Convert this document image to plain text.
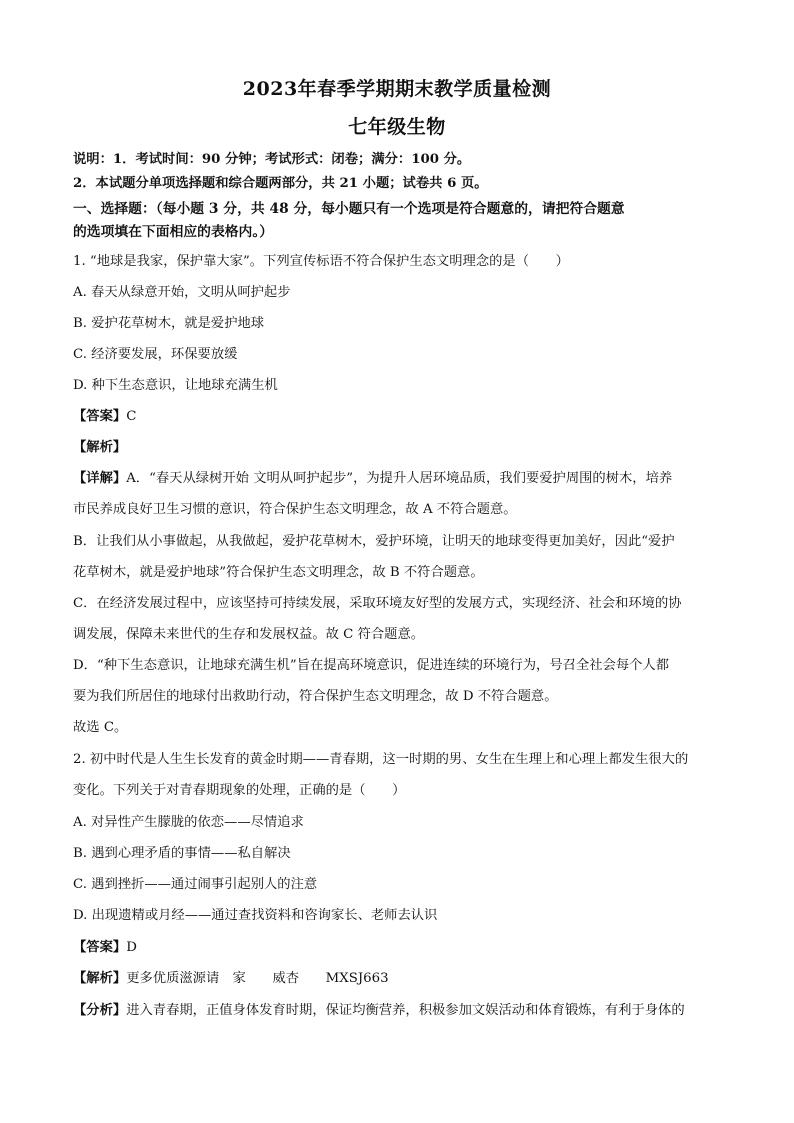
2023年春季学期期末教学质量检测
七年级生物
说明：1．考试时间：90 分钟；考试形式：闭卷；满分：100 分。
2．本试题分单项选择题和综合题两部分，共 21 小题；试卷共 6 页。
一、选择题：（每小题 3 分，共 48 分，每小题只有一个选项是符合题意的，请把符合题意
的选项填在下面相应的表格内。）
1. “地球是我家，保护靠大家”。下列宣传标语不符合保护生态文明理念的是（　　）
A. 春天从绿意开始，文明从呵护起步
B. 爱护花草树木，就是爱护地球
C. 经济要发展，环保要放缓
D. 种下生态意识，让地球充满生机
【答案】C
【解析】
【详解】A．“春天从绿树开始 文明从呵护起步”，为提升人居环境品质，我们要爱护周围的树木，培养
市民养成良好卫生习惯的意识，符合保护生态文明理念，故 A 不符合题意。
B．让我们从小事做起，从我做起，爱护花草树木，爱护环境，让明天的地球变得更加美好，因此“爱护
花草树木，就是爱护地球”符合保护生态文明理念，故 B 不符合题意。
C．在经济发展过程中，应该坚持可持续发展，采取环境友好型的发展方式，实现经济、社会和环境的协
调发展，保障未来世代的生存和发展权益。故 C 符合题意。
D．“种下生态意识，让地球充满生机”旨在提高环境意识，促进连续的环境行为，号召全社会每个人都
要为我们所居住的地球付出救助行动，符合保护生态文明理念，故 D 不符合题意。
故选 C。
2. 初中时代是人生生长发育的黄金时期——青春期，这一时期的男、女生在生理上和心理上都发生很大的
变化。下列关于对青春期现象的处理，正确的是（　　）
A. 对异性产生朦胧的依恋——尽情追求
B. 遇到心理矛盾的事情——私自解决
C. 遇到挫折——通过闹事引起别人的注意
D. 出现遗精或月经——通过查找资料和咨询家长、老师去认识
【答案】D
【解析】更多优质滋源请　家　　威杏　　MXSJ663
【分析】进入青春期，正值身体发育时期，保证均衡营养，积极参加文娱活动和体育锻炼，有利于身体的
